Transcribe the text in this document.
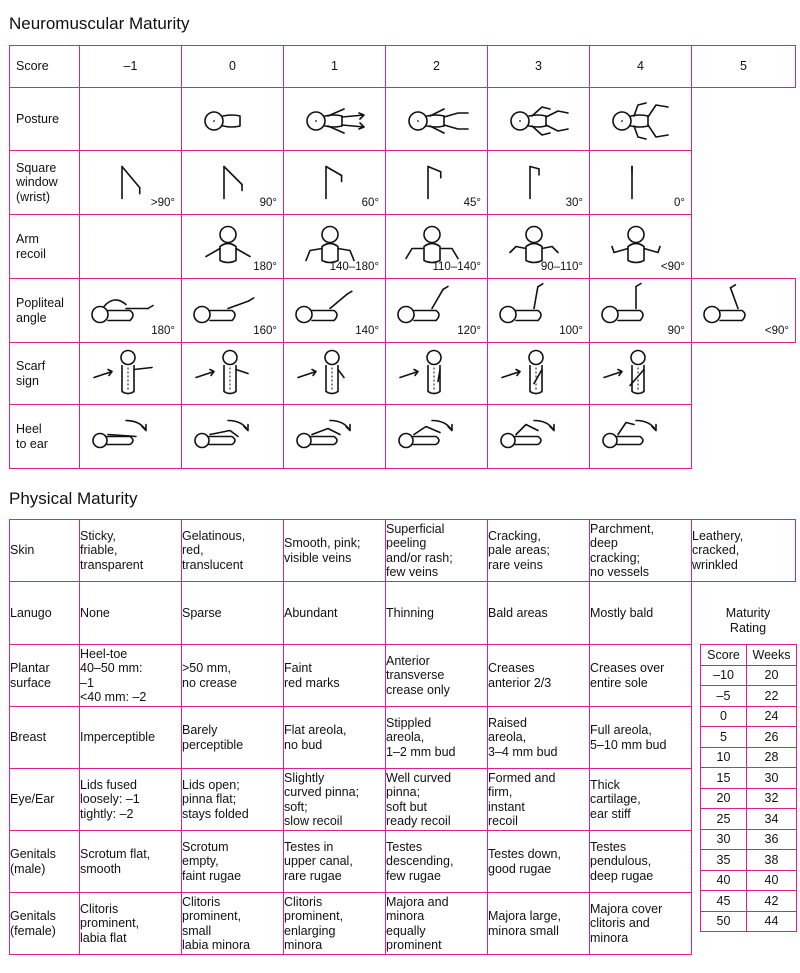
Neuromuscular Maturity
Score	–1	0	1	2	3	4	5
Posture		

Square
window
(wrist)	>90°	90°	60°	45°	30°	0°	

Arm
recoil		180°	140–180°	110–140°	90–110°	<90°	

Popliteal
angle	180°	160°	140°	120°	100°	90°	<90°

Scarf
sign	

Heel
to ear	

Physical Maturity
Skin	Sticky,
friable,
transparent	Gelatinous,
red,
translucent	Smooth, pink;
visible veins	Superficial
peeling
and/or rash;
few veins	Cracking,
pale areas;
rare veins	Parchment,
deep
cracking;
no vessels	Leathery,
cracked,
wrinkled
Lanugo	None	Sparse	Abundant	Thinning	Bald areas	Mostly bald	
Plantar
surface	Heel-toe
40–50 mm:
–1
<40 mm: –2	>50 mm,
no crease	Faint
red marks	Anterior
transverse
crease only	Creases
anterior 2/3	Creases over
entire sole	
Breast	Imperceptible	Barely
perceptible	Flat areola,
no bud	Stippled
areola,
1–2 mm bud	Raised
areola,
3–4 mm bud	Full areola,
5–10 mm bud	
Eye/Ear	Lids fused
loosely: –1
tightly: –2	Lids open;
pinna flat;
stays folded	Slightly
curved pinna;
soft;
slow recoil	Well curved
pinna;
soft but
ready recoil	Formed and
firm,
instant
recoil	Thick
cartilage,
ear stiff	
Genitals
(male)	Scrotum flat,
smooth	Scrotum
empty,
faint rugae	Testes in
upper canal,
rare rugae	Testes
descending,
few rugae	Testes down,
good rugae	Testes
pendulous,
deep rugae	
Genitals
(female)	Clitoris
prominent,
labia flat	Clitoris
prominent,
small
labia minora	Clitoris
prominent,
enlarging
minora	Majora and
minora
equally
prominent	Majora large,
minora small	Majora cover
clitoris and
minora	
Maturity
Rating
Score	Weeks
–10	20
–5	22
0	24
5	26
10	28
15	30
20	32
25	34
30	36
35	38
40	40
45	42
50	44
